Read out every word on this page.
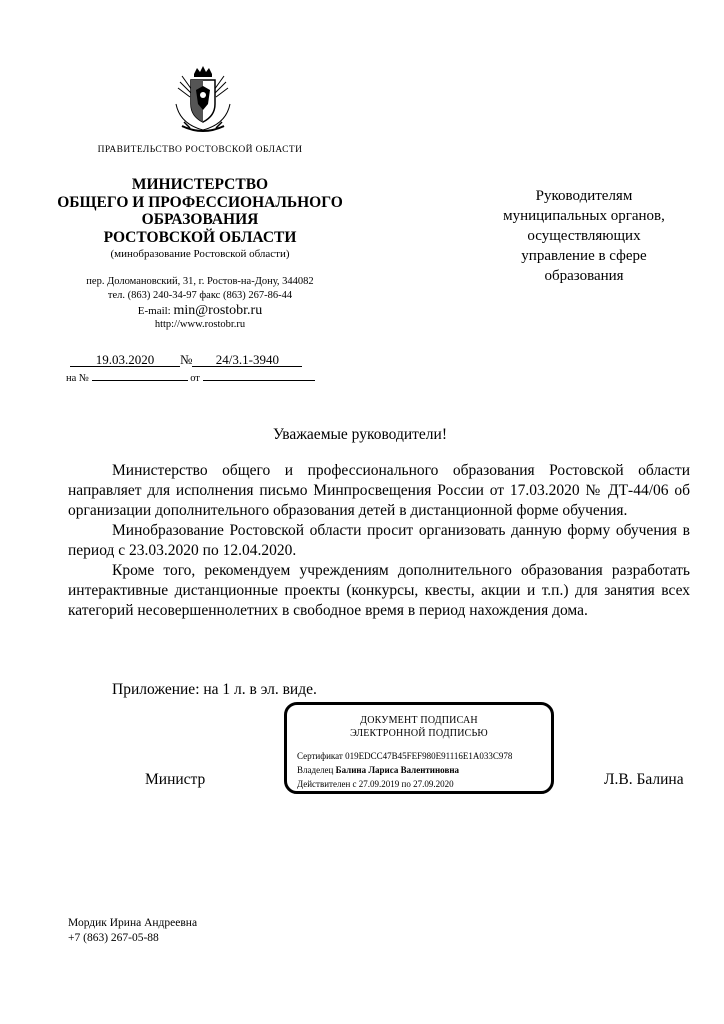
ПРАВИТЕЛЬСТВО РОСТОВСКОЙ ОБЛАСТИ
МИНИСТЕРСТВО
ОБЩЕГО И ПРОФЕССИОНАЛЬНОГО
ОБРАЗОВАНИЯ
РОСТОВСКОЙ ОБЛАСТИ
(минобразование Ростовской области)
пер. Доломановский, 31, г. Ростов-на-Дону, 344082
тел. (863) 240-34-97 факс (863) 267-86-44
E-mail: min@rostobr.ru
http://www.rostobr.ru
19.03.2020 № 24/3.1-3940
на №	от
Руководителям
муниципальных органов,
осуществляющих
управление в сфере
образования
Уважаемые руководители!

Министерство общего и профессионального образования Ростовской области направляет для исполнения письмо Минпросвещения России от 17.03.2020 № ДТ-44/06 об организации дополнительного образования детей в дистанционной форме обучения.

Минобразование Ростовской области просит организовать данную форму обучения в период с 23.03.2020 по 12.04.2020.

Кроме того, рекомендуем учреждениям дополнительного образования разработать интерактивные дистанционные проекты (конкурсы, квесты, акции и т.п.) для занятия всех категорий несовершеннолетних в свободное время в период нахождения дома.

Приложение: на 1 л. в эл. виде.
ДОКУМЕНТ ПОДПИСАН
ЭЛЕКТРОННОЙ ПОДПИСЬЮ
Сертификат 019EDCC47B45FEF980E91116E1A033C978
Владелец Балина Лариса Валентиновна
Действителен с 27.09.2019 по 27.09.2020
Министр	Л.В. Балина
Мордик Ирина Андреевна
+7 (863) 267-05-88
